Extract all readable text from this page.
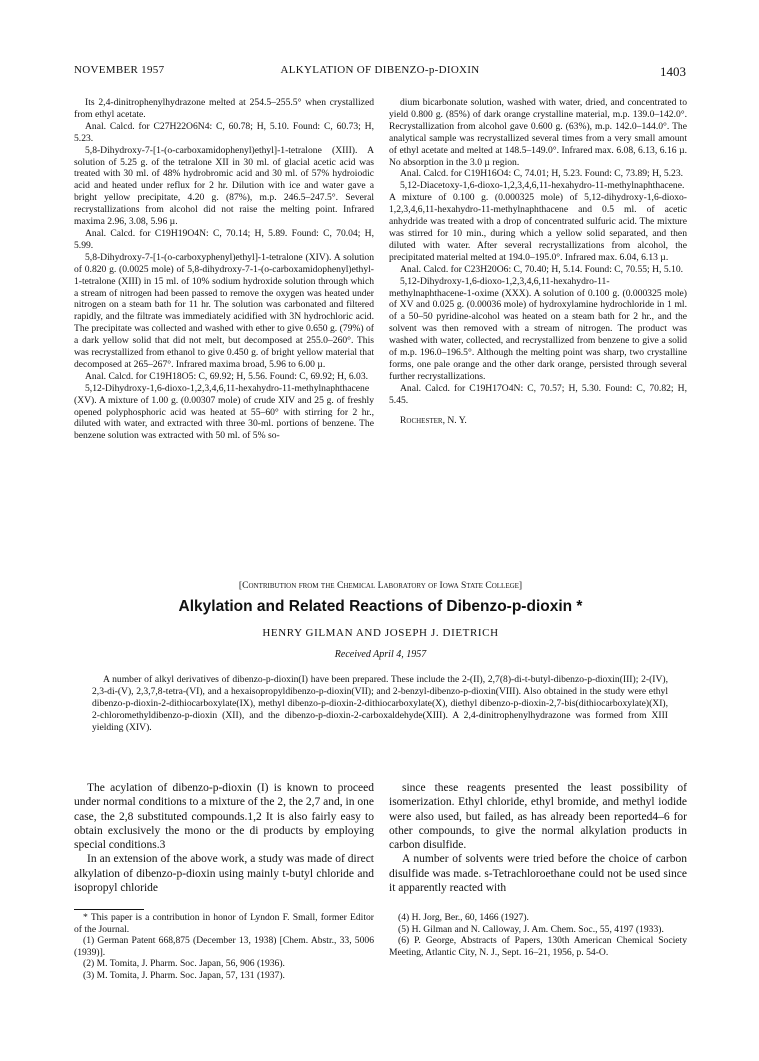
NOVEMBER 1957	ALKYLATION OF DIBENZO-p-DIOXIN	1403

Its 2,4-dinitrophenylhydrazone melted at 254.5–255.5° when crystallized from ethyl acetate.

Anal. Calcd. for C27H22O6N4: C, 60.78; H, 5.10. Found: C, 60.73; H, 5.23.

5,8-Dihydroxy-7-[1-(o-carboxamidophenyl)ethyl]-1-tetralone (XIII). A solution of 5.25 g. of the tetralone XII in 30 ml. of glacial acetic acid was treated with 30 ml. of 48% hydrobromic acid and 30 ml. of 57% hydroiodic acid and heated under reflux for 2 hr. Dilution with ice and water gave a bright yellow precipitate, 4.20 g. (87%), m.p. 246.5–247.5°. Several recrystallizations from alcohol did not raise the melting point. Infrared maxima 2.96, 3.08, 5.96 µ.

Anal. Calcd. for C19H19O4N: C, 70.14; H, 5.89. Found: C, 70.04; H, 5.99.

5,8-Dihydroxy-7-[1-(o-carboxyphenyl)ethyl]-1-tetralone (XIV). A solution of 0.820 g. (0.0025 mole) of 5,8-dihydroxy-7-1-(o-carboxamidophenyl)ethyl-1-tetralone (XIII) in 15 ml. of 10% sodium hydroxide solution through which a stream of nitrogen had been passed to remove the oxygen was heated under nitrogen on a steam bath for 11 hr. The solution was carbonated and filtered rapidly, and the filtrate was immediately acidified with 3N hydrochloric acid. The precipitate was collected and washed with ether to give 0.650 g. (79%) of a dark yellow solid that did not melt, but decomposed at 255.0–260°. This was recrystallized from ethanol to give 0.450 g. of bright yellow material that decomposed at 265–267°. Infrared maxima broad, 5.96 to 6.00 µ.

Anal. Calcd. for C19H18O5: C, 69.92; H, 5.56. Found: C, 69.92; H, 6.03.

5,12-Dihydroxy-1,6-dioxo-1,2,3,4,6,11-hexahydro-11-methylnaphthacene (XV). A mixture of 1.00 g. (0.00307 mole) of crude XIV and 25 g. of freshly opened polyphosphoric acid was heated at 55–60° with stirring for 2 hr., diluted with water, and extracted with three 30-ml. portions of benzene. The benzene solution was extracted with 50 ml. of 5% so-

dium bicarbonate solution, washed with water, dried, and concentrated to yield 0.800 g. (85%) of dark orange crystalline material, m.p. 139.0–142.0°. Recrystallization from alcohol gave 0.600 g. (63%), m.p. 142.0–144.0°. The analytical sample was recrystallized several times from a very small amount of ethyl acetate and melted at 148.5–149.0°. Infrared max. 6.08, 6.13, 6.16 µ. No absorption in the 3.0 µ region.

Anal. Calcd. for C19H16O4: C, 74.01; H, 5.23. Found: C, 73.89; H, 5.23.

5,12-Diacetoxy-1,6-dioxo-1,2,3,4,6,11-hexahydro-11-methylnaphthacene. A mixture of 0.100 g. (0.000325 mole) of 5,12-dihydroxy-1,6-dioxo-1,2,3,4,6,11-hexahydro-11-methylnaphthacene and 0.5 ml. of acetic anhydride was treated with a drop of concentrated sulfuric acid. The mixture was stirred for 10 min., during which a yellow solid separated, and then diluted with water. After several recrystallizations from alcohol, the precipitated material melted at 194.0–195.0°. Infrared max. 6.04, 6.13 µ.

Anal. Calcd. for C23H20O6: C, 70.40; H, 5.14. Found: C, 70.55; H, 5.10.

5,12-Dihydroxy-1,6-dioxo-1,2,3,4,6,11-hexahydro-11-methylnaphthacene-1-oxime (XXX). A solution of 0.100 g. (0.000325 mole) of XV and 0.025 g. (0.00036 mole) of hydroxylamine hydrochloride in 1 ml. of a 50–50 pyridine-alcohol was heated on a steam bath for 2 hr., and the solvent was then removed with a stream of nitrogen. The product was washed with water, collected, and recrystallized from benzene to give a solid of m.p. 196.0–196.5°. Although the melting point was sharp, two crystalline forms, one pale orange and the other dark orange, persisted through several further recrystallizations.

Anal. Calcd. for C19H17O4N: C, 70.57; H, 5.30. Found: C, 70.82; H, 5.45.

Rochester, N. Y.

[Contribution from the Chemical Laboratory of Iowa State College]
Alkylation and Related Reactions of Dibenzo-p-dioxin *
HENRY GILMAN AND JOSEPH J. DIETRICH
Received April 4, 1957

A number of alkyl derivatives of dibenzo-p-dioxin(I) have been prepared. These include the 2-(II), 2,7(8)-di-t-butyl-dibenzo-p-dioxin(III); 2-(IV), 2,3-di-(V), 2,3,7,8-tetra-(VI), and a hexaisopropyldibenzo-p-dioxin(VII); and 2-benzyl-dibenzo-p-dioxin(VIII). Also obtained in the study were ethyl dibenzo-p-dioxin-2-dithiocarboxylate(IX), methyl dibenzo-p-dioxin-2-dithiocarboxylate(X), diethyl dibenzo-p-dioxin-2,7-bis(dithiocarboxylate)(XI), 2-chloromethyldibenzo-p-dioxin (XII), and the dibenzo-p-dioxin-2-carboxaldehyde(XIII). A 2,4-dinitrophenylhydrazone was formed from XIII yielding (XIV).

The acylation of dibenzo-p-dioxin (I) is known to proceed under normal conditions to a mixture of the 2, the 2,7 and, in one case, the 2,8 substituted compounds.1,2 It is also fairly easy to obtain exclusively the mono or the di products by employing special conditions.3

In an extension of the above work, a study was made of direct alkylation of dibenzo-p-dioxin using mainly t-butyl chloride and isopropyl chloride

since these reagents presented the least possibility of isomerization. Ethyl chloride, ethyl bromide, and methyl iodide were also used, but failed, as has already been reported4–6 for other compounds, to give the normal alkylation products in carbon disulfide.

A number of solvents were tried before the choice of carbon disulfide was made. s-Tetrachloroethane could not be used since it apparently reacted with

* This paper is a contribution in honor of Lyndon F. Small, former Editor of the Journal.

(1) German Patent 668,875 (December 13, 1938) [Chem. Abstr., 33, 5006 (1939)].

(2) M. Tomita, J. Pharm. Soc. Japan, 56, 906 (1936).

(3) M. Tomita, J. Pharm. Soc. Japan, 57, 131 (1937).

(4) H. Jorg, Ber., 60, 1466 (1927).

(5) H. Gilman and N. Calloway, J. Am. Chem. Soc., 55, 4197 (1933).

(6) P. George, Abstracts of Papers, 130th American Chemical Society Meeting, Atlantic City, N. J., Sept. 16–21, 1956, p. 54-O.
